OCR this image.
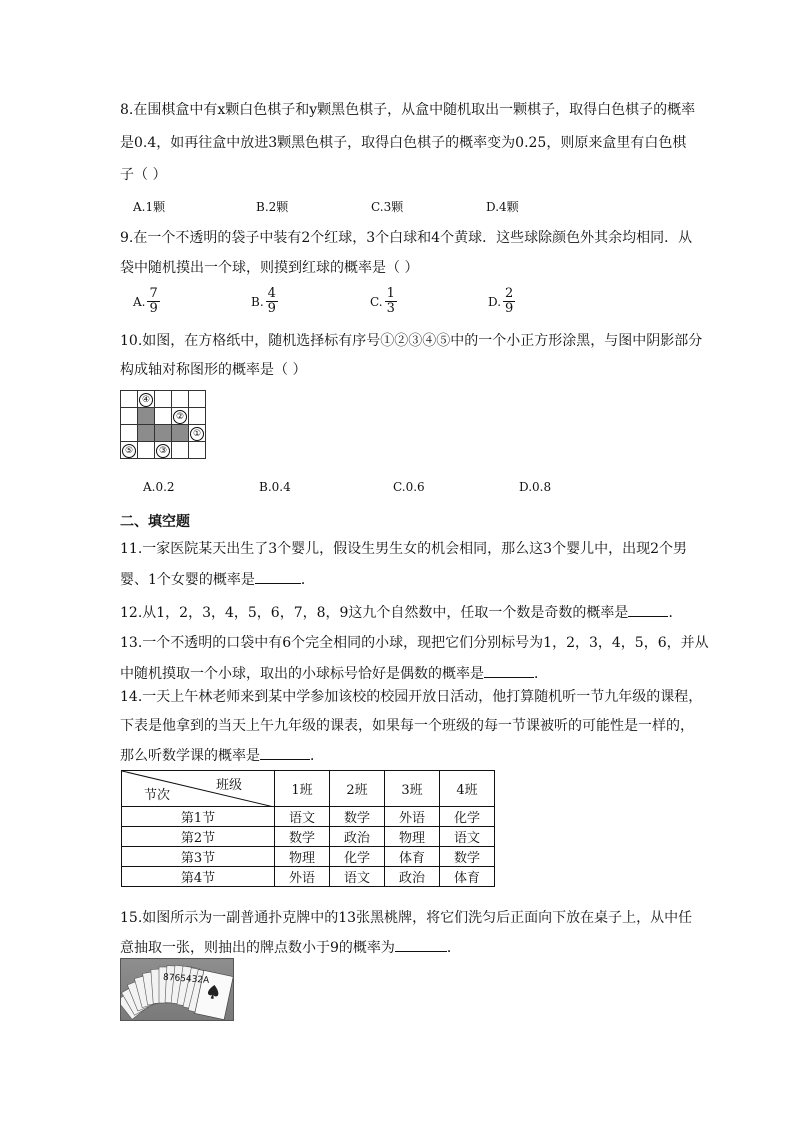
8.在围棋盒中有x颗白色棋子和y颗黑色棋子，从盒中随机取出一颗棋子，取得白色棋子的概率
是0.4，如再往盒中放进3颗黑色棋子，取得白色棋子的概率变为0.25，则原来盒里有白色棋
子（ ）
A.1颗	B.2颗	C.3颗	D.4颗
9.在一个不透明的袋子中装有2个红球，3个白球和4个黄球．这些球除颜色外其余均相同．从
袋中随机摸出一个球，则摸到红球的概率是（ ）
A. $\frac{7}{9}$	B. $\frac{4}{9}$	C. $\frac{1}{3}$	D. $\frac{2}{9}$
10.如图，在方格纸中，随机选择标有序号①②③④⑤中的一个小正方形涂黑，与图中阴影部分
构成轴对称图形的概率是（ ）
	④			
			②	
				①
⑤		③		
A.0.2	B.0.4	C.0.6	D.0.8
二、填空题
11.一家医院某天出生了3个婴儿，假设生男生女的机会相同，那么这3个婴儿中，出现2个男
婴、1个女婴的概率是	．
12.从1，2，3，4，5，6，7，8，9这九个自然数中，任取一个数是奇数的概率是	．
13.一个不透明的口袋中有6个完全相同的小球，现把它们分别标号为1，2，3，4，5，6，并从
中随机摸取一个小球，取出的小球标号恰好是偶数的概率是	．
14.一天上午林老师来到某中学参加该校的校园开放日活动，他打算随机听一节九年级的课程，
下表是他拿到的当天上午九年级的课表，如果每一个班级的每一节课被听的可能性是一样的，
那么听数学课的概率是	．
班级
节次	1班	2班	3班	4班
第1节	语文	数学	外语	化学
第2节	数学	政治	物理	语文
第3节	物理	化学	体育	数学
第4节	外语	语文	政治	体育
15.如图所示为一副普通扑克牌中的13张黑桃牌，将它们洗匀后正面向下放在桌子上，从中任
意抽取一张，则抽出的牌点数小于9的概率为	．
8765432A
